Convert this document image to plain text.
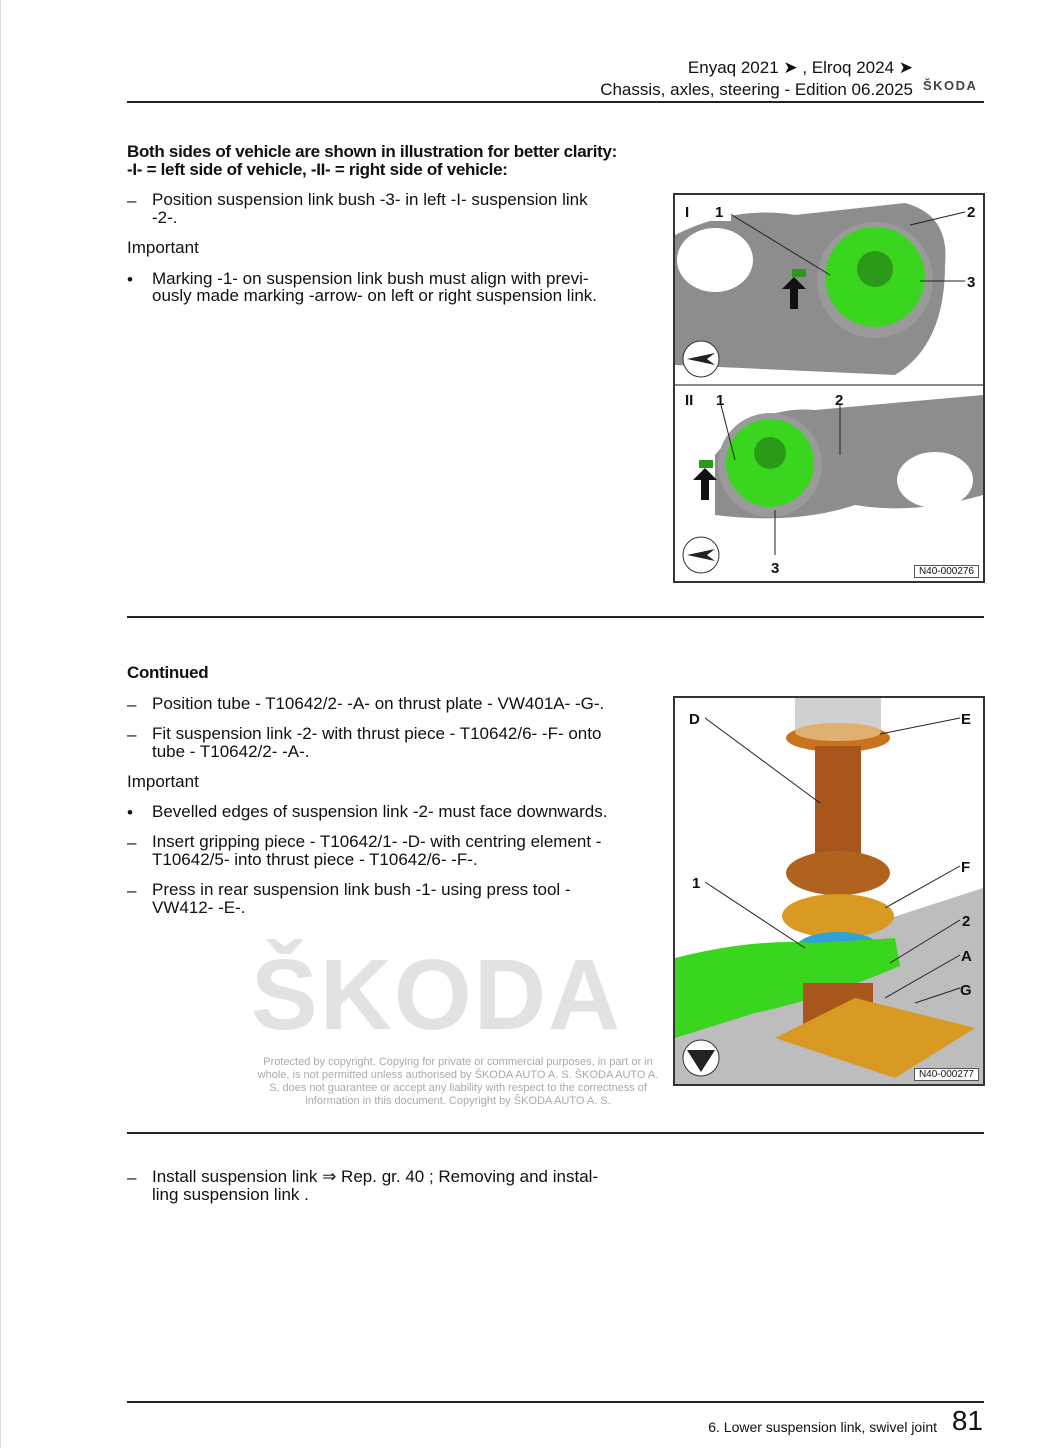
Enyaq 2021 ➤ , Elroq 2024 ➤
Chassis, axles, steering - Edition 06.2025 ŠKODA
ŠKODA
Both sides of vehicle are shown in illustration for better clarity:
-I- = left side of vehicle, -II- = right side of vehicle:
– Position suspension link bush -3- in left -I- suspension link
-2-.
Important
• Marking -1- on suspension link bush must align with previ-
ously made marking -arrow- on left or right suspension link.
I 1	2
3
II 1	2
3	N40-000276
Continued
– Position tube - T10642/2- -A- on thrust plate - VW401A- -G-.
– Fit suspension link -2- with thrust piece - T10642/6- -F- onto
tube - T10642/2- -A-.
Important
• Bevelled edges of suspension link -2- must face downwards.
– Insert gripping piece - T10642/1- -D- with centring element -
T10642/5- into thrust piece - T10642/6- -F-.
– Press in rear suspension link bush -1- using press tool -
VW412- -E-.
D	E
1
F
2
A
G
N40-000277
Protected by copyright. Copying for private or commercial purposes, in part or in whole, is not permitted unless authorised by ŠKODA AUTO A. S. ŠKODA AUTO A. S. does not guarantee or accept any liability with respect to the correctness of information in this document. Copyright by ŠKODA AUTO A. S.
– Install suspension link ⇒ Rep. gr. 40 ; Removing and instal-
ling suspension link .
6. Lower suspension link, swivel joint 81
